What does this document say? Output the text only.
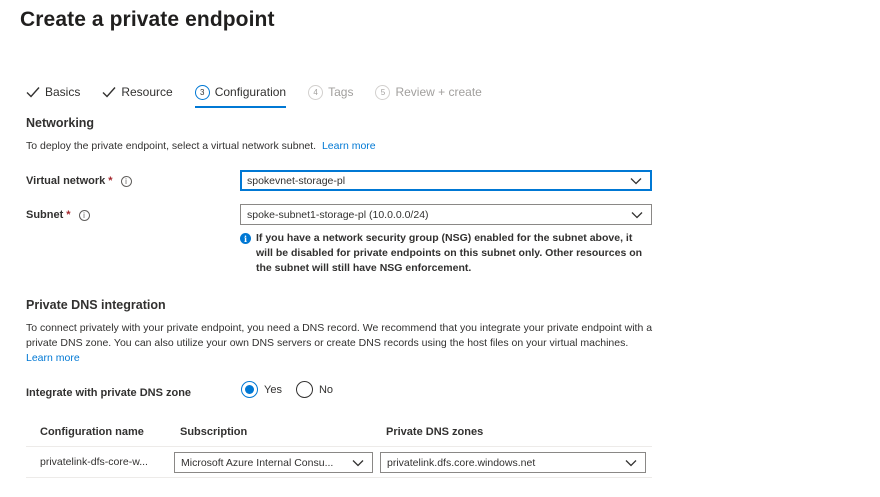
Create a private endpoint
Basics	Resource	3 Configuration	4 Tags	5 Review + create
Networking
To deploy the private endpoint, select a virtual network subnet. Learn more
Virtual network *	i	spokevnet-storage-pl
Subnet *	i	spoke-subnet1-storage-pl (10.0.0.0/24)
i If you have a network security group (NSG) enabled for the subnet above, it will be disabled for private endpoints on this subnet only. Other resources on the subnet will still have NSG enforcement.
Private DNS integration
To connect privately with your private endpoint, you need a DNS record. We recommend that you integrate your private endpoint with a private DNS zone. You can also utilize your own DNS servers or create DNS records using the host files on your virtual machines.  Learn more
Integrate with private DNS zone	Yes	No
Configuration name	Subscription	Private DNS zones
privatelink-dfs-core-w...	Microsoft Azure Internal Consu...	privatelink.dfs.core.windows.net
